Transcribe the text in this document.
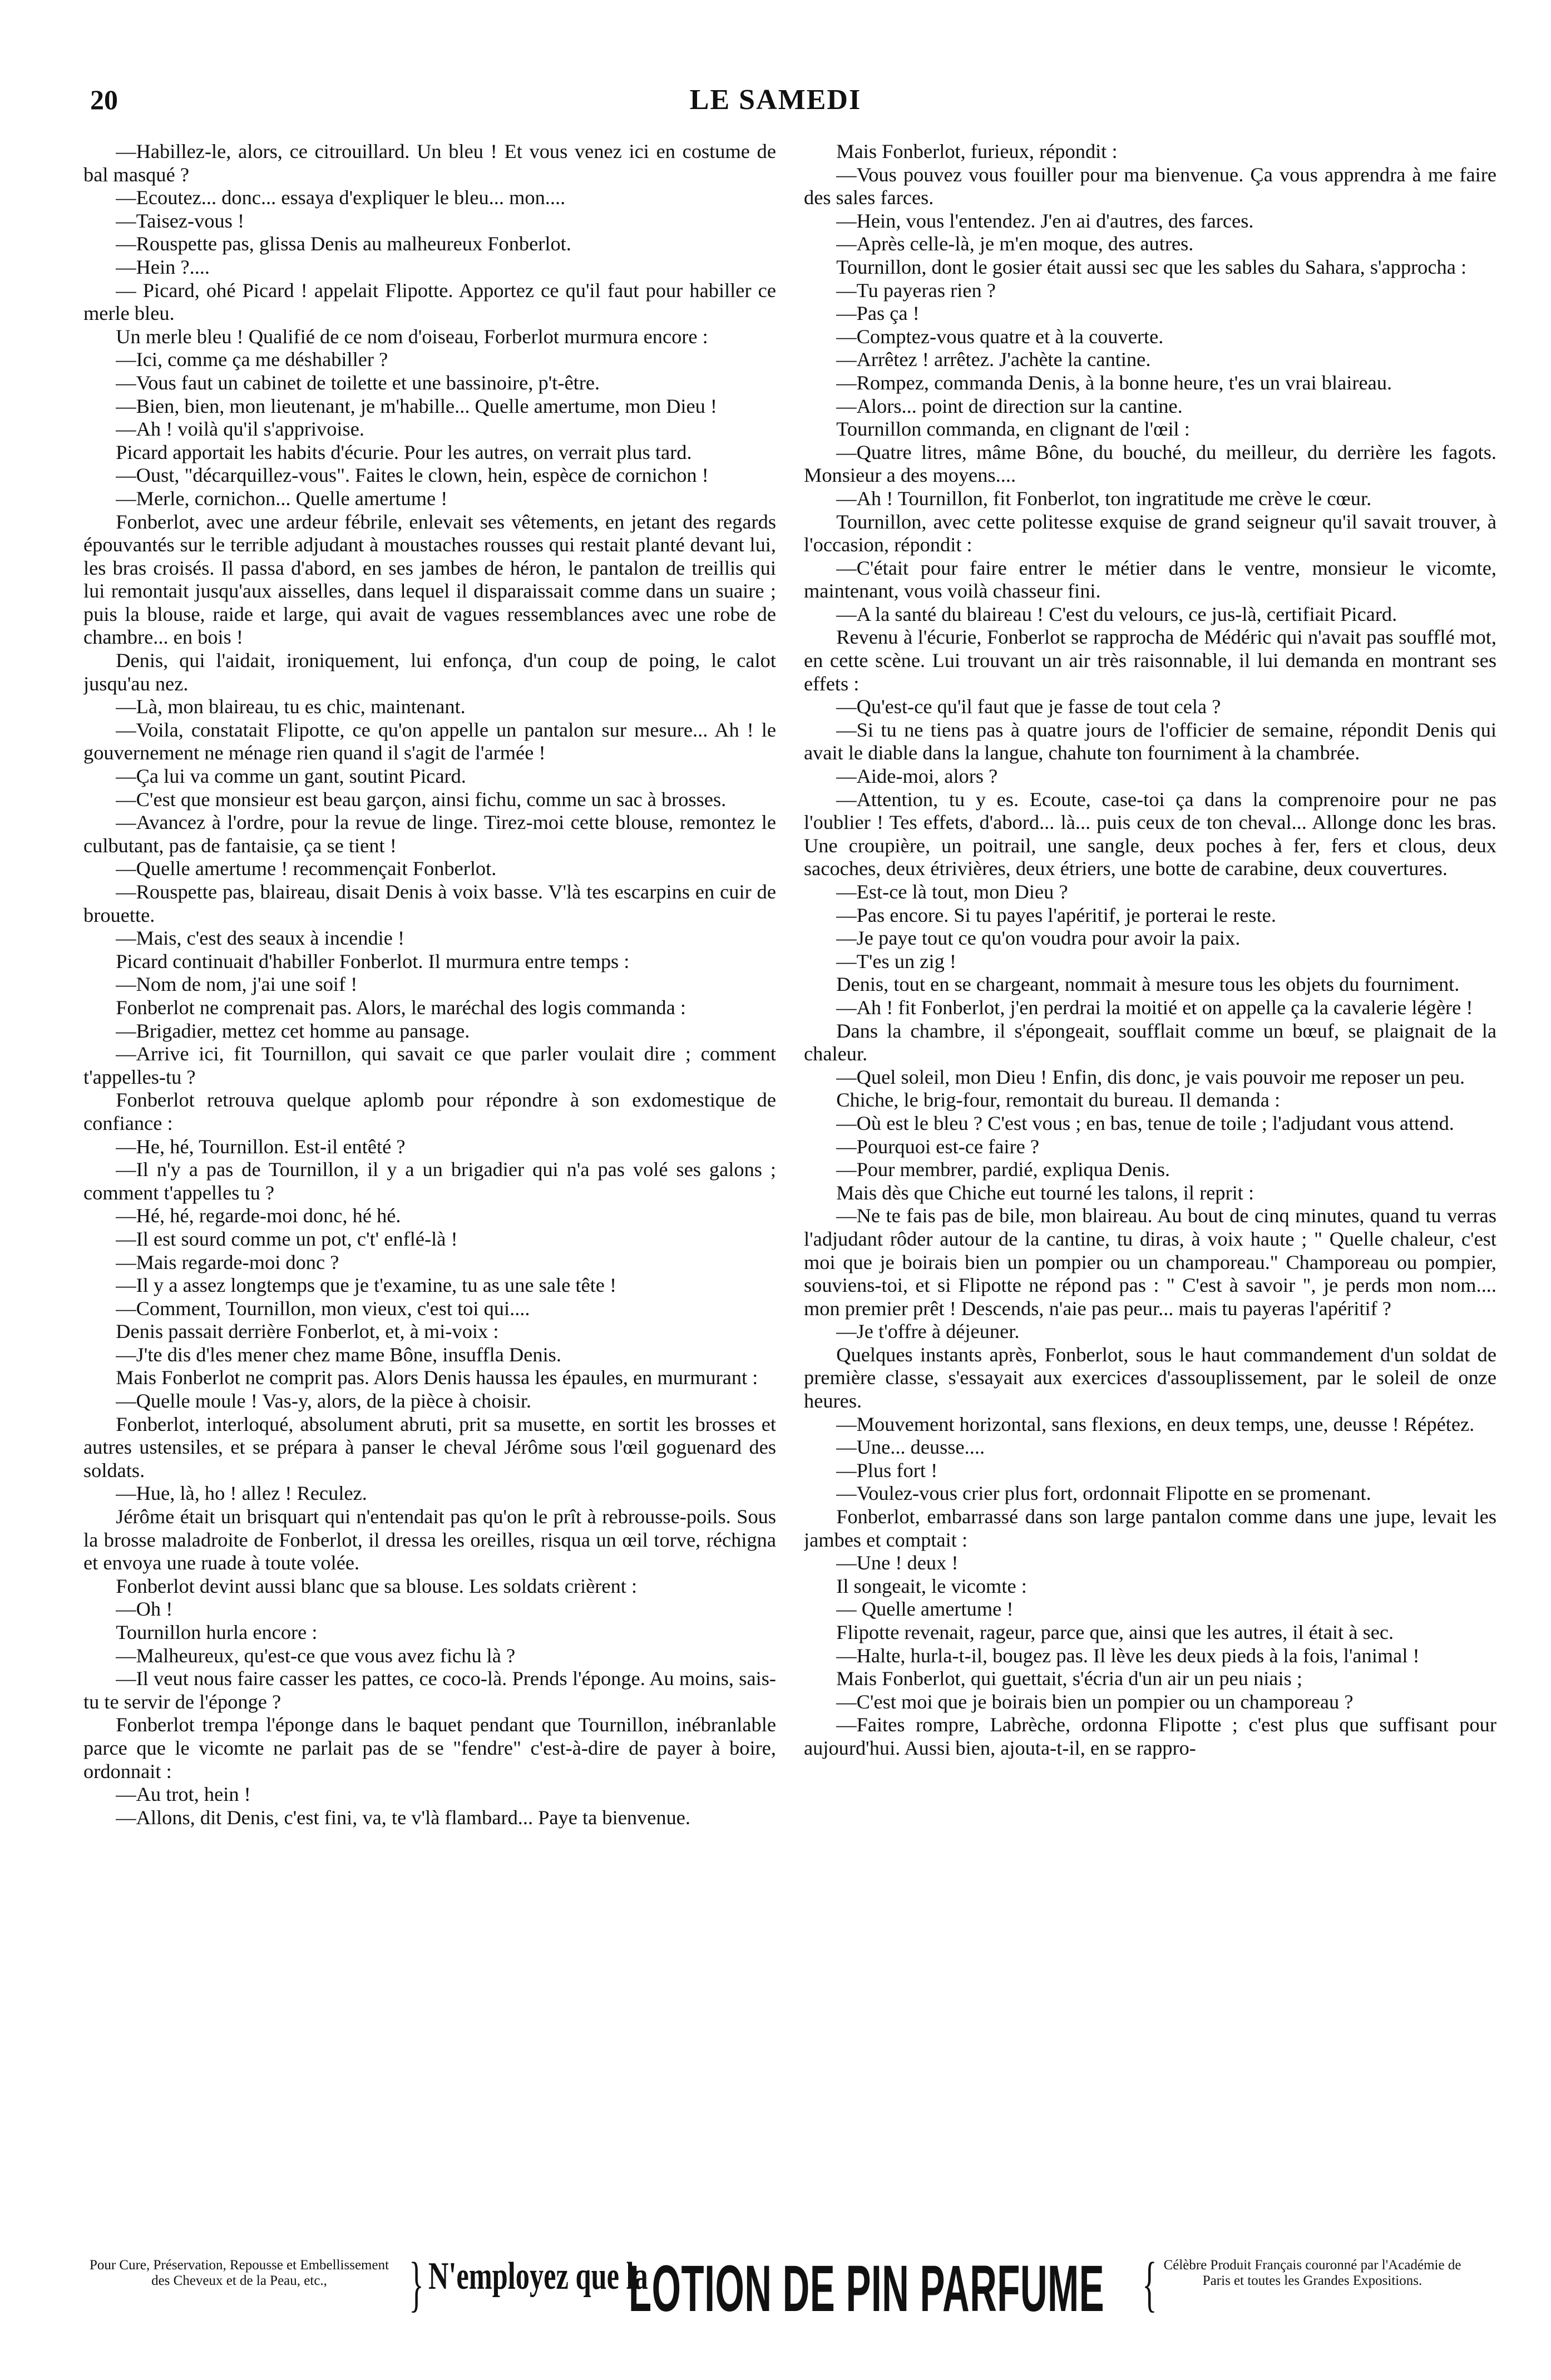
20	LE SAMEDI

—Habillez-le, alors, ce citrouillard. Un bleu ! Et vous venez ici en costume de bal masqué ?

—Ecoutez... donc... essaya d'expliquer le bleu... mon....

—Taisez-vous !

—Rouspette pas, glissa Denis au malheureux Fonberlot.

—Hein ?....

— Picard, ohé Picard ! appelait Flipotte. Apportez ce qu'il faut pour habiller ce merle bleu.

Un merle bleu ! Qualifié de ce nom d'oiseau, Forberlot murmura encore :

—Ici, comme ça me déshabiller ?

—Vous faut un cabinet de toilette et une bassinoire, p't-être.

—Bien, bien, mon lieutenant, je m'habille... Quelle amertume, mon Dieu !

—Ah ! voilà qu'il s'apprivoise.

Picard apportait les habits d'écurie. Pour les autres, on verrait plus tard.

—Oust, "décarquillez-vous". Faites le clown, hein, espèce de cornichon !

—Merle, cornichon... Quelle amertume !

Fonberlot, avec une ardeur fébrile, enlevait ses vêtements, en jetant des regards épouvantés sur le terrible adjudant à moustaches rousses qui restait planté devant lui, les bras croisés. Il passa d'abord, en ses jambes de héron, le pantalon de treillis qui lui remontait jusqu'aux aisselles, dans lequel il disparaissait comme dans un suaire ; puis la blouse, raide et large, qui avait de vagues ressemblances avec une robe de chambre... en bois !

Denis, qui l'aidait, ironiquement, lui enfonça, d'un coup de poing, le calot jusqu'au nez.

—Là, mon blaireau, tu es chic, maintenant.

—Voila, constatait Flipotte, ce qu'on appelle un pantalon sur mesure... Ah ! le gouvernement ne ménage rien quand il s'agit de l'armée !

—Ça lui va comme un gant, soutint Picard.

—C'est que monsieur est beau garçon, ainsi fichu, comme un sac à brosses.

—Avancez à l'ordre, pour la revue de linge. Tirez-moi cette blouse, remontez le culbutant, pas de fantaisie, ça se tient !

—Quelle amertume ! recommençait Fonberlot.

—Rouspette pas, blaireau, disait Denis à voix basse. V'là tes escarpins en cuir de brouette.

—Mais, c'est des seaux à incendie !

Picard continuait d'habiller Fonberlot. Il murmura entre temps :

—Nom de nom, j'ai une soif !

Fonberlot ne comprenait pas. Alors, le maréchal des logis commanda :

—Brigadier, mettez cet homme au pansage.

—Arrive ici, fit Tournillon, qui savait ce que parler voulait dire ; comment t'appelles-tu ?

Fonberlot retrouva quelque aplomb pour répondre à son exdomestique de confiance :

—He, hé, Tournillon. Est-il entêté ?

—Il n'y a pas de Tournillon, il y a un brigadier qui n'a pas volé ses galons ; comment t'appelles tu ?

—Hé, hé, regarde-moi donc, hé hé.

—Il est sourd comme un pot, c't' enflé-là !

—Mais regarde-moi donc ?

—Il y a assez longtemps que je t'examine, tu as une sale tête !

—Comment, Tournillon, mon vieux, c'est toi qui....

Denis passait derrière Fonberlot, et, à mi-voix :

—J'te dis d'les mener chez mame Bône, insuffla Denis.

Mais Fonberlot ne comprit pas. Alors Denis haussa les épaules, en murmurant :

—Quelle moule ! Vas-y, alors, de la pièce à choisir.

Fonberlot, interloqué, absolument abruti, prit sa musette, en sortit les brosses et autres ustensiles, et se prépara à panser le cheval Jérôme sous l'œil goguenard des soldats.

—Hue, là, ho ! allez ! Reculez.

Jérôme était un brisquart qui n'entendait pas qu'on le prît à rebrousse-poils. Sous la brosse maladroite de Fonberlot, il dressa les oreilles, risqua un œil torve, réchigna et envoya une ruade à toute volée.

Fonberlot devint aussi blanc que sa blouse. Les soldats crièrent :

—Oh !

Tournillon hurla encore :

—Malheureux, qu'est-ce que vous avez fichu là ?

—Il veut nous faire casser les pattes, ce coco-là. Prends l'éponge. Au moins, sais-tu te servir de l'éponge ?

Fonberlot trempa l'éponge dans le baquet pendant que Tournillon, inébranlable parce que le vicomte ne parlait pas de se "fendre" c'est-à-dire de payer à boire, ordonnait :

—Au trot, hein !

—Allons, dit Denis, c'est fini, va, te v'là flambard... Paye ta bienvenue.

Mais Fonberlot, furieux, répondit :

—Vous pouvez vous fouiller pour ma bienvenue. Ça vous apprendra à me faire des sales farces.

—Hein, vous l'entendez. J'en ai d'autres, des farces.

—Après celle-là, je m'en moque, des autres.

Tournillon, dont le gosier était aussi sec que les sables du Sahara, s'approcha :

—Tu payeras rien ?

—Pas ça !

—Comptez-vous quatre et à la couverte.

—Arrêtez ! arrêtez. J'achète la cantine.

—Rompez, commanda Denis, à la bonne heure, t'es un vrai blaireau.

—Alors... point de direction sur la cantine.

Tournillon commanda, en clignant de l'œil :

—Quatre litres, mâme Bône, du bouché, du meilleur, du derrière les fagots. Monsieur a des moyens....

—Ah ! Tournillon, fit Fonberlot, ton ingratitude me crève le cœur.

Tournillon, avec cette politesse exquise de grand seigneur qu'il savait trouver, à l'occasion, répondit :

—C'était pour faire entrer le métier dans le ventre, monsieur le vicomte, maintenant, vous voilà chasseur fini.

—A la santé du blaireau ! C'est du velours, ce jus-là, certifiait Picard.

Revenu à l'écurie, Fonberlot se rapprocha de Médéric qui n'avait pas soufflé mot, en cette scène. Lui trouvant un air très raisonnable, il lui demanda en montrant ses effets :

—Qu'est-ce qu'il faut que je fasse de tout cela ?

—Si tu ne tiens pas à quatre jours de l'officier de semaine, répondit Denis qui avait le diable dans la langue, chahute ton fourniment à la chambrée.

—Aide-moi, alors ?

—Attention, tu y es. Ecoute, case-toi ça dans la comprenoire pour ne pas l'oublier ! Tes effets, d'abord... là... puis ceux de ton cheval... Allonge donc les bras. Une croupière, un poitrail, une sangle, deux poches à fer, fers et clous, deux sacoches, deux étrivières, deux étriers, une botte de carabine, deux couvertures.

—Est-ce là tout, mon Dieu ?

—Pas encore. Si tu payes l'apéritif, je porterai le reste.

—Je paye tout ce qu'on voudra pour avoir la paix.

—T'es un zig !

Denis, tout en se chargeant, nommait à mesure tous les objets du fourniment.

—Ah ! fit Fonberlot, j'en perdrai la moitié et on appelle ça la cavalerie légère !

Dans la chambre, il s'épongeait, soufflait comme un bœuf, se plaignait de la chaleur.

—Quel soleil, mon Dieu ! Enfin, dis donc, je vais pouvoir me reposer un peu.

Chiche, le brig-four, remontait du bureau. Il demanda :

—Où est le bleu ? C'est vous ; en bas, tenue de toile ; l'adjudant vous attend.

—Pourquoi est-ce faire ?

—Pour membrer, pardié, expliqua Denis.

Mais dès que Chiche eut tourné les talons, il reprit :

—Ne te fais pas de bile, mon blaireau. Au bout de cinq minutes, quand tu verras l'adjudant rôder autour de la cantine, tu diras, à voix haute ; " Quelle chaleur, c'est moi que je boirais bien un pompier ou un champoreau." Champoreau ou pompier, souviens-toi, et si Flipotte ne répond pas : " C'est à savoir ", je perds mon nom.... mon premier prêt ! Descends, n'aie pas peur... mais tu payeras l'apéritif ?

—Je t'offre à déjeuner.

Quelques instants après, Fonberlot, sous le haut commandement d'un soldat de première classe, s'essayait aux exercices d'assouplissement, par le soleil de onze heures.

—Mouvement horizontal, sans flexions, en deux temps, une, deusse ! Répétez.

—Une... deusse....

—Plus fort !

—Voulez-vous crier plus fort, ordonnait Flipotte en se promenant.

Fonberlot, embarrassé dans son large pantalon comme dans une jupe, levait les jambes et comptait :

—Une ! deux !

Il songeait, le vicomte :

— Quelle amertume !

Flipotte revenait, rageur, parce que, ainsi que les autres, il était à sec.

—Halte, hurla-t-il, bougez pas. Il lève les deux pieds à la fois, l'animal !

Mais Fonberlot, qui guettait, s'écria d'un air un peu niais ;

—C'est moi que je boirais bien un pompier ou un champoreau ?

—Faites rompre, Labrèche, ordonna Flipotte ; c'est plus que suffisant pour aujourd'hui. Aussi bien, ajouta-t-il, en se rappro-

Pour Cure, Préservation, Repousse et Embellissement des Cheveux et de la Peau, etc.,	} N'employez que la
LOTION DE PIN PARFUME { Célèbre Produit Français couronné par l'Académie de Paris et toutes les Grandes Expositions.
